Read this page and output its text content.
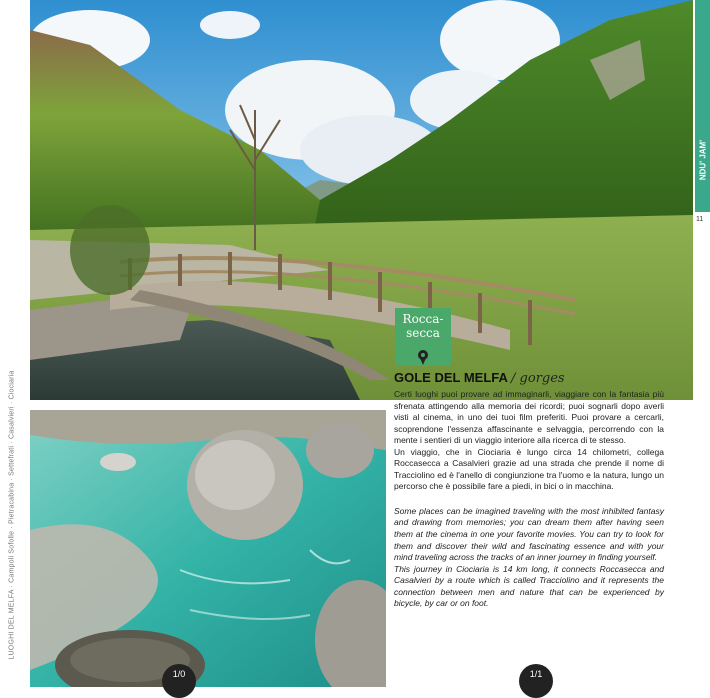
LUOGHI DEL MELFA · Campoli Sofolle · Pietracabina · Settefrati · Casalvieri · Ciociaria
NDU' JAM'
11
Rocca-
secca
GOLE DEL MELFA / gorges

Certi luoghi puoi provare ad immaginarli, viaggiare con la fantasia più sfrenata attingendo alla memoria dei ricordi; puoi sognarli dopo averli visti al cinema, in uno dei tuoi film preferiti. Puoi provare a cercarli, scoprendone l'essenza affascinante e selvaggia, percorrendo con la mente i sentieri di un viaggio interiore alla ricerca di te stesso.

Un viaggio, che in Ciociaria è lungo circa 14 chilometri, collega Roccasecca a Casalvieri grazie ad una strada che prende il nome di Tracciolino ed è l'anello di congiunzione tra l'uomo e la natura, lungo un percorso che è possibile fare a piedi, in bici o in macchina.

Some places can be imagined traveling with the most inhibited fantasy and drawing from memories; you can dream them after having seen them at the cinema in one your favorite movies. You can try to look for them and discover their wild and fascinating essence and with your mind traveling across the tracks of an inner journey in finding yourself.

This journey in Ciociaria is 14 km long, it connects Roccasecca and Casalvieri by a route which is called Tracciolino and it represents the connection between men and nature that can be experienced by bicycle, by car or on foot.

1/0	1/1
